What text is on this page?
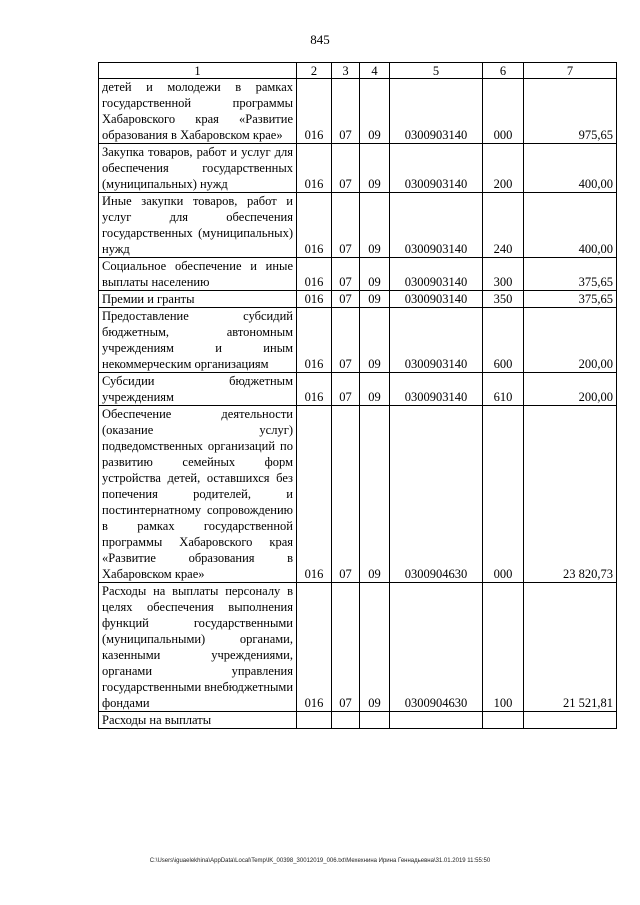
845
1	2	3	4	5	6	7
детей и молодежи в рамках государственной программы Хабаровского края «Развитие образования в Хабаровском крае»	016	07	09	0300903140	000	975,65
Закупка товаров, работ и услуг для обеспечения государственных (муниципальных) нужд	016	07	09	0300903140	200	400,00
Иные закупки товаров, работ и услуг для обеспечения государственных (муниципальных) нужд	016	07	09	0300903140	240	400,00
Социальное обеспечение и иные выплаты населению	016	07	09	0300903140	300	375,65
Премии и гранты	016	07	09	0300903140	350	375,65
Предоставление субсидий бюджетным, автономным учреждениям и иным некоммерческим организациям	016	07	09	0300903140	600	200,00
Субсидии бюджетным учреждениям	016	07	09	0300903140	610	200,00
Обеспечение деятельности (оказание услуг) подведомственных организаций по развитию семейных форм устройства детей, оставшихся без попечения родителей, и постинтернатному сопровождению в рамках государственной программы Хабаровского края «Развитие образования в Хабаровском крае»	016	07	09	0300904630	000	23 820,73
Расходы на выплаты персоналу в целях обеспечения выполнения функций государственными (муниципальными) органами, казенными учреждениями, органами управления государственными внебюджетными фондами	016	07	09	0300904630	100	21 521,81
Расходы на выплаты						
C:\Users\iguaelekhina\AppData\Local\Temp\IK_00398_30012019_006.txt\Мехехнина Ирина Геннадьевна\31.01.2019 11:55:50
